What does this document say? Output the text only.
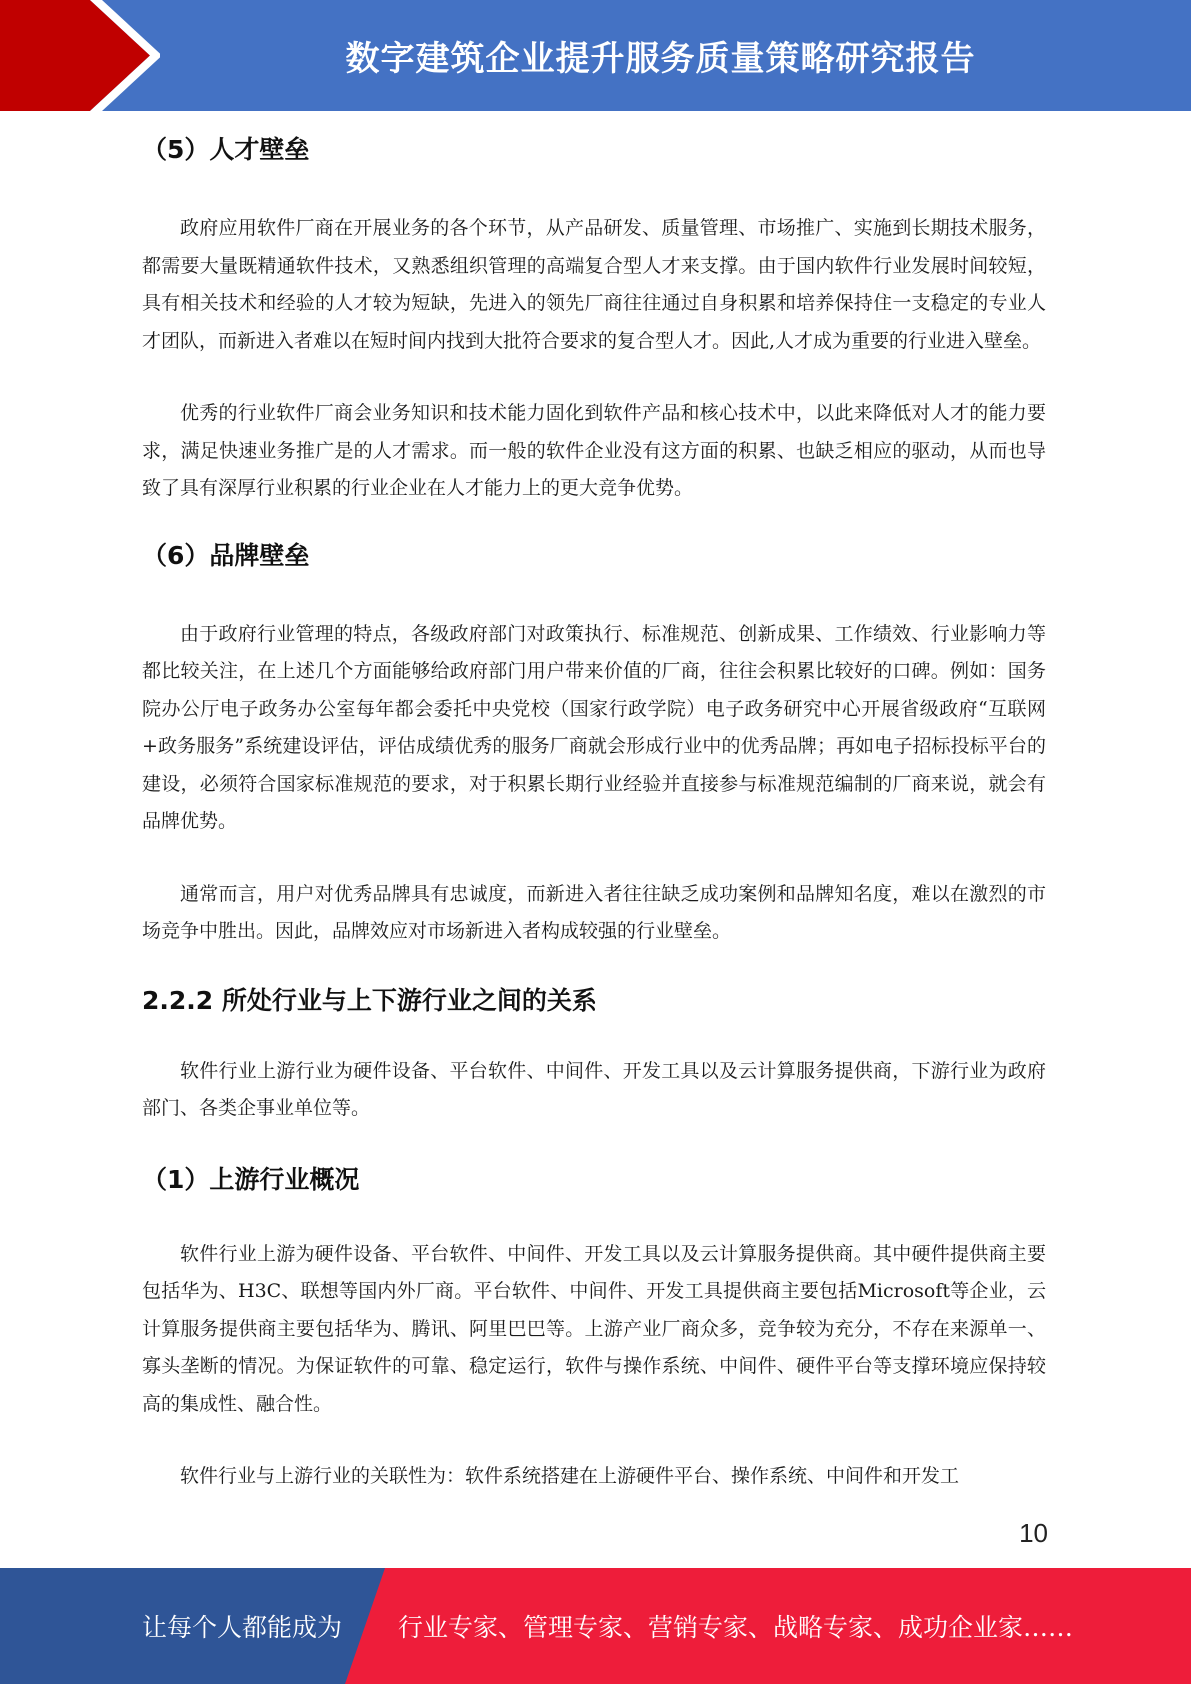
数字建筑企业提升服务质量策略研究报告
（5）人才壁垒

政府应用软件厂商在开展业务的各个环节，从产品研发、质量管理、市场推广、实施到长期技术服务，都需要大量既精通软件技术，又熟悉组织管理的高端复合型人才来支撑。由于国内软件行业发展时间较短，具有相关技术和经验的人才较为短缺，先进入的领先厂商往往通过自身积累和培养保持住一支稳定的专业人才团队，而新进入者难以在短时间内找到大批符合要求的复合型人才。因此,人才成为重要的行业进入壁垒。

优秀的行业软件厂商会业务知识和技术能力固化到软件产品和核心技术中，以此来降低对人才的能力要求，满足快速业务推广是的人才需求。而一般的软件企业没有这方面的积累、也缺乏相应的驱动，从而也导致了具有深厚行业积累的行业企业在人才能力上的更大竞争优势。

（6）品牌壁垒

由于政府行业管理的特点，各级政府部门对政策执行、标准规范、创新成果、工作绩效、行业影响力等都比较关注，在上述几个方面能够给政府部门用户带来价值的厂商，往往会积累比较好的口碑。例如：国务院办公厅电子政务办公室每年都会委托中央党校（国家行政学院）电子政务研究中心开展省级政府“互联网+政务服务”系统建设评估，评估成绩优秀的服务厂商就会形成行业中的优秀品牌；再如电子招标投标平台的建设，必须符合国家标准规范的要求，对于积累长期行业经验并直接参与标准规范编制的厂商来说，就会有品牌优势。

通常而言，用户对优秀品牌具有忠诚度，而新进入者往往缺乏成功案例和品牌知名度，难以在激烈的市场竞争中胜出。因此，品牌效应对市场新进入者构成较强的行业壁垒。

2.2.2 所处行业与上下游行业之间的关系

软件行业上游行业为硬件设备、平台软件、中间件、开发工具以及云计算服务提供商，下游行业为政府部门、各类企事业单位等。

（1）上游行业概况

软件行业上游为硬件设备、平台软件、中间件、开发工具以及云计算服务提供商。其中硬件提供商主要包括华为、H3C、联想等国内外厂商。平台软件、中间件、开发工具提供商主要包括Microsoft等企业，云计算服务提供商主要包括华为、腾讯、阿里巴巴等。上游产业厂商众多，竞争较为充分，不存在来源单一、寡头垄断的情况。为保证软件的可靠、稳定运行，软件与操作系统、中间件、硬件平台等支撑环境应保持较高的集成性、融合性。

软件行业与上游行业的关联性为：软件系统搭建在上游硬件平台、操作系统、中间件和开发工

10
让每个人都能成为 行业专家、管理专家、营销专家、战略专家、成功企业家……
